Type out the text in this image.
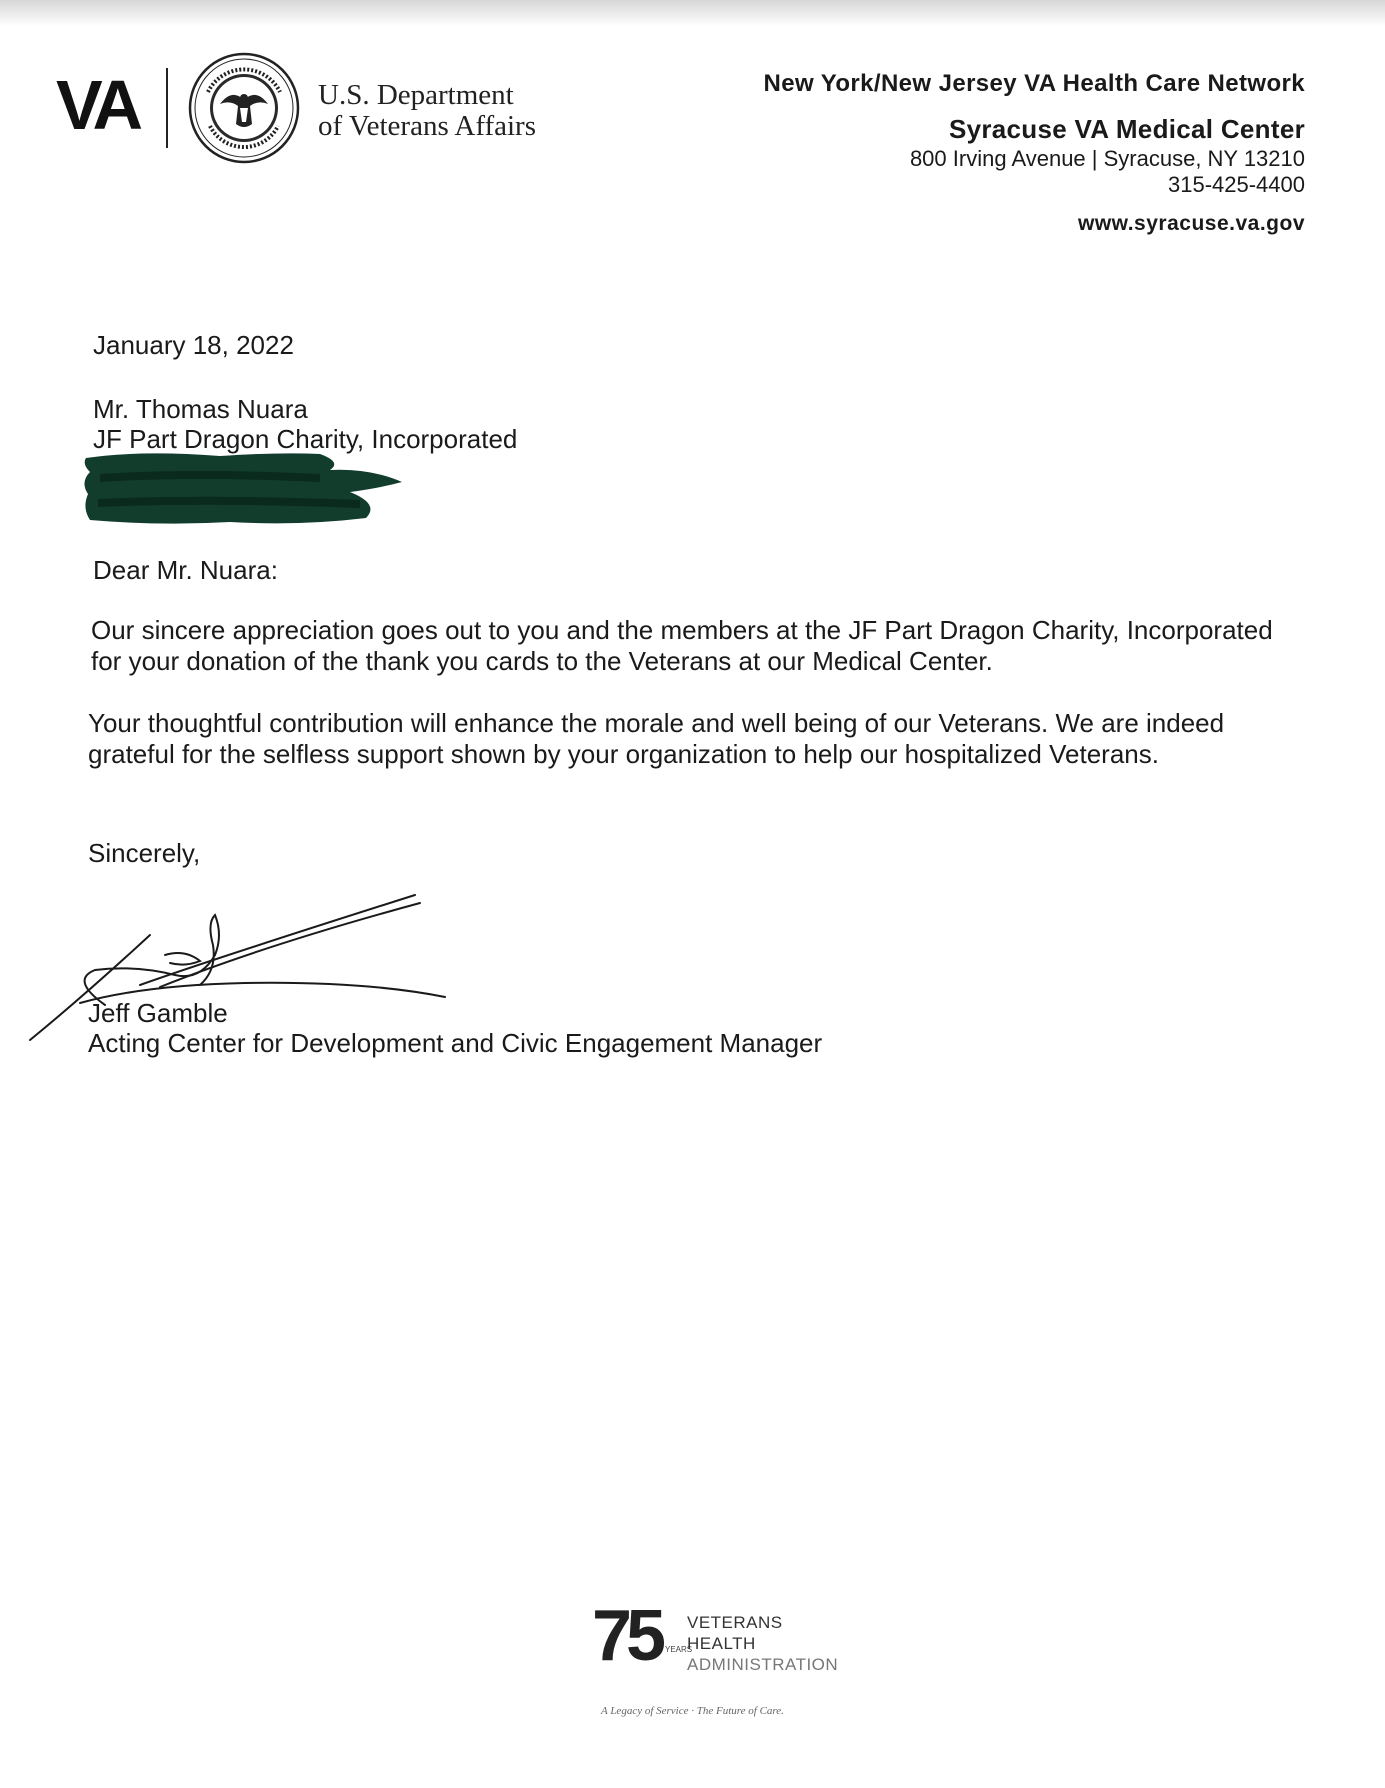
VA	U.S. Department
of Veterans Affairs
New York/New Jersey VA Health Care Network
Syracuse VA Medical Center
800 Irving Avenue | Syracuse, NY 13210
315-425-4400
www.syracuse.va.gov
January 18, 2022
Mr. Thomas Nuara
JF Part Dragon Charity, Incorporated
Dear Mr. Nuara:
Our sincere appreciation goes out to you and the members at the JF Part Dragon Charity, Incorporated for your donation of the thank you cards to the Veterans at our Medical Center.
Your thoughtful contribution will enhance the morale and well being of our Veterans. We are indeed grateful for the selfless support shown by your organization to help our hospitalized Veterans.
Sincerely,
Jeff Gamble
Acting Center for Development and Civic Engagement Manager
75 YEARS
VETERANS
HEALTH
ADMINISTRATION
A Legacy of Service · The Future of Care.
